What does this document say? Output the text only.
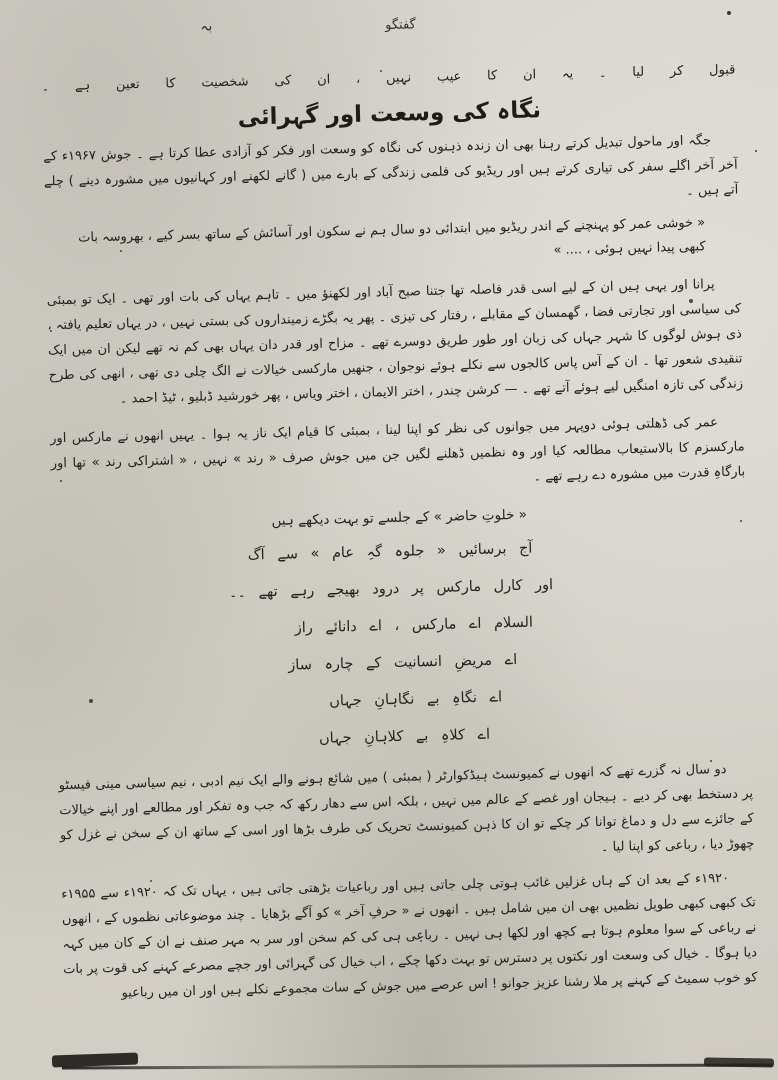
گفتگو
بہ

قبول کر لیا ۔ یہ ان کا عیب نہیں ، ان کی شخصیت کا تعین ہے ۔

نگاہ کی وسعت اور گہرائی

جگہ اور ماحول تبدیل کرتے رہنا بھی ان زندہ ذہنوں کی نگاہ کو وسعت اور فکر کو آزادی عطا کرتا ہے ۔ جوش ۱۹۶۷ء کے آخر آخر اگلے سفر کی تیاری کرتے ہیں اور ریڈیو کی فلمی زندگی کے بارے میں ( گانے لکھنے اور کہانیوں میں مشورہ دینے ) چلے آتے ہیں ۔

« خوشی عمر کو پہنچنے کے اندر ریڈیو میں ابتدائی دو سال ہم نے سکون اور آسائش کے ساتھ بسر کیے ، بھروسہ بات کبھی پیدا نہیں ہوئی ، .... »

پرانا اور یہی ہیں ان کے لیے اسی قدر فاصلہ تھا جتنا صبح آباد اور لکھنؤ میں ۔ تاہم یہاں کی بات اور تھی ۔ ایک تو بمبئی کی سیاسی اور تجارتی فضا ، گھمسان کے مقابلے ، رفتار کی تیزی ۔ پھر یہ بگڑے زمینداروں کی بستی نہیں ، در یہاں تعلیم یافتہ ، ذی ہوش لوگوں کا شہر جہاں کی زبان اور طور طریق دوسرے تھے ۔ مزاح اور قدر دان یہاں بھی کم نہ تھے لیکن ان میں ایک تنقیدی شعور تھا ۔ ان کے آس پاس کالجوں سے نکلے ہوئے نوجوان ، جنھیں مارکسی خیالات نے الگ چلی دی تھی ، انھی کی طرح زندگی کی تازہ امنگیں لیے ہوئے آتے تھے ۔ — کرشن چندر ، اختر الایمان ، اختر ویاس ، پھر خورشید ڈبلیو ، ٹیڈ احمد ۔

عمر کی ڈھلتی ہوئی دوپہر میں جوانوں کی نظر کو اپنا لینا ، بمبئی کا قیام ایک ناز یہ ہوا ۔ یہیں انھوں نے مارکس اور مارکسزم کا بالاستیعاب مطالعہ کیا اور وہ نظمیں ڈھلنے لگیں جن میں جوش صرف « رند » نہیں ، « اشتراکی رند » تھا اور بارگاہِ قدرت میں مشورہ دے رہے تھے ۔

« خلوتِ حاضر » کے جلسے تو بہت دیکھے ہیں

آج برسائیں « جلوہ گہِ عام » سے آگ

اور کارل مارکس پر درود بھیجے رہے تھے ۔۔

السلام اے مارکس ، اے دانائے راز

اے مریضِ انسانیت کے چارہ ساز

اے نگاہِ بے نگاہانِ جہاں

اے کلاہِ بے کلاہانِ جہاں

دو سال نہ گزرے تھے کہ انھوں نے کمیونسٹ ہیڈکوارٹر ( بمبئی ) میں شائع ہونے والے ایک نیم ادبی ، نیم سیاسی مینی فیسٹو پر دستخط بھی کر دیے ۔ ہیجان اور غصے کے عالم میں نہیں ، بلکہ اس سے دھار رکھ کہ جب وہ تفکر اور مطالعے اور اپنے خیالات کے جائزے سے دل و دماغ توانا کر چکے تو ان کا ذہن کمیونسٹ تحریک کی طرف بڑھا اور اسی کے ساتھ ان کے سخن نے غزل کو چھوڑ دیا ، رباعی کو اپنا لیا ۔

۱۹۲۰ء کے بعد ان کے ہاں غزلیں غائب ہوتی چلی جاتی ہیں اور رباعیات بڑھتی جاتی ہیں ، یہاں تک کہ ۱۹۲۰ء سے ۱۹۵۵ء تک کبھی کبھی طویل نظمیں بھی ان میں شامل ہیں ۔ انھوں نے « حرفِ آخر » کو آگے بڑھایا ۔ چند موضوعاتی نظموں کے ، انھوں نے رباعی کے سوا معلوم ہوتا ہے کچھ اور لکھا ہی نہیں ۔ رباعی ہی کی کم سخن اور سر بہ مہر صنف نے ان کے کان میں کہہ دیا ہوگا ۔ خیال کی وسعت اور نکتوں پر دسترس تو بہت دکھا چکے ، اب خیال کی گہرائی اور جچے مصرعے کہنے کی قوت پر بات کو خوب سمیٹ کے کہنے پر ملا رشنا عزیز جوانو ! اس عرصے میں جوش کے سات مجموعے نکلے ہیں اور ان میں رباعیو
